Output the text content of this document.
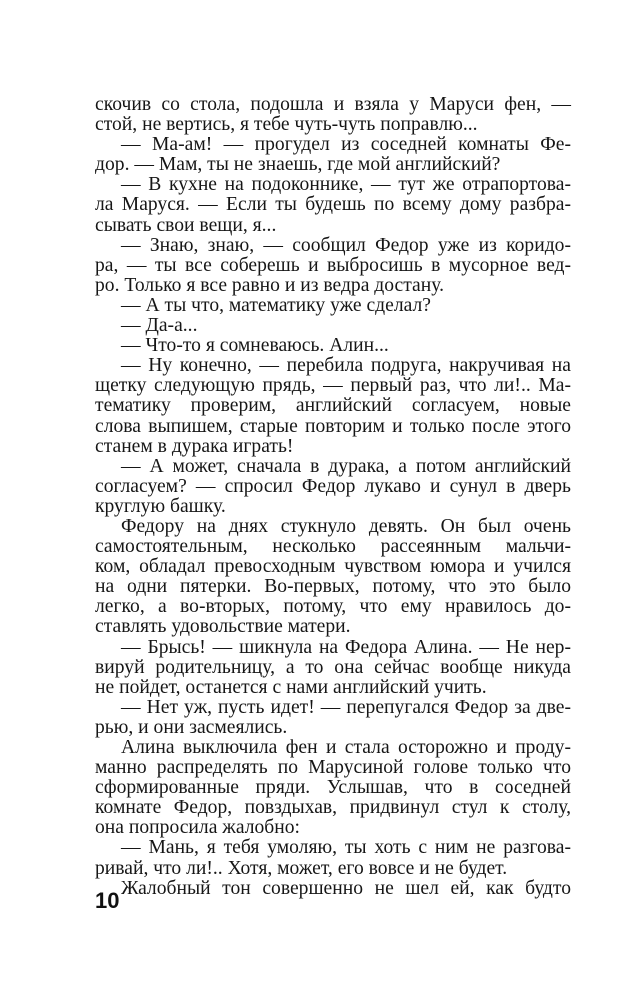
скочив со стола, подошла и взяла у Маруси фен, —
стой, не вертись, я тебе чуть-чуть поправлю...
— Ма-ам! — прогудел из соседней комнаты Фе-
дор. — Мам, ты не знаешь, где мой английский?
— В кухне на подоконнике, — тут же отрапортова-
ла Маруся. — Если ты будешь по всему дому разбра-
сывать свои вещи, я...
— Знаю, знаю, — сообщил Федор уже из коридо-
ра, — ты все соберешь и выбросишь в мусорное вед-
ро. Только я все равно и из ведра достану.
— А ты что, математику уже сделал?
— Да-а...
— Что-то я сомневаюсь. Алин...
— Ну конечно, — перебила подруга, накручивая на
щетку следующую прядь, — первый раз, что ли!.. Ма-
тематику проверим, английский согласуем, новые
слова выпишем, старые повторим и только после этого
станем в дурака играть!
— А может, сначала в дурака, а потом английский
согласуем? — спросил Федор лукаво и сунул в дверь
круглую башку.
Федору на днях стукнуло девять. Он был очень
самостоятельным, несколько рассеянным мальчи-
ком, обладал превосходным чувством юмора и учился
на одни пятерки. Во-первых, потому, что это было
легко, а во-вторых, потому, что ему нравилось до-
ставлять удовольствие матери.
— Брысь! — шикнула на Федора Алина. — Не нер-
вируй родительницу, а то она сейчас вообще никуда
не пойдет, останется с нами английский учить.
— Нет уж, пусть идет! — перепугался Федор за две-
рью, и они засмеялись.
Алина выключила фен и стала осторожно и проду-
манно распределять по Марусиной голове только что
сформированные пряди. Услышав, что в соседней
комнате Федор, повздыхав, придвинул стул к столу,
она попросила жалобно:
— Мань, я тебя умоляю, ты хоть с ним не разгова-
ривай, что ли!.. Хотя, может, его вовсе и не будет.
Жалобный тон совершенно не шел ей, как будто
10
